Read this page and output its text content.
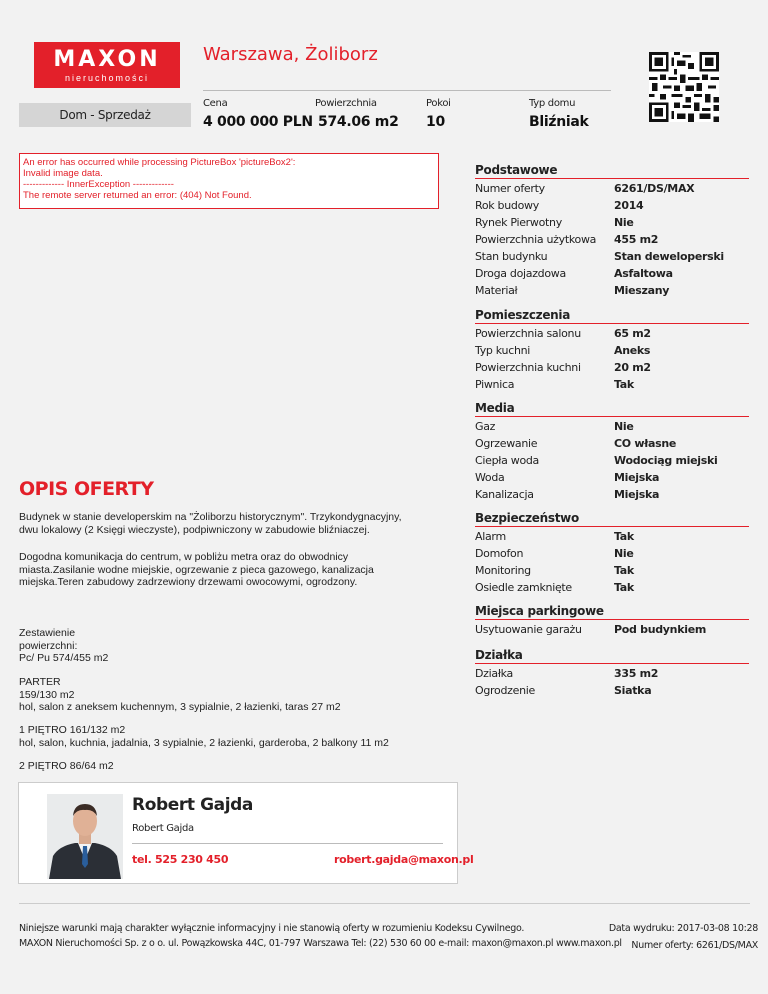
MAXON
nieruchomości
Warszawa, Żoliborz
Dom - Sprzedaż
Cena
4 000 000 PLN
Powierzchnia
574.06 m2
Pokoi
10
Typ domu
Bliźniak
An error has occurred while processing PictureBox 'pictureBox2':
Invalid image data.
------------- InnerException -------------
The remote server returned an error: (404) Not Found.
Podstawowe
Numer oferty	6261/DS/MAX
Rok budowy	2014
Rynek Pierwotny	Nie
Powierzchnia użytkowa 455 m2
Stan budynku	Stan deweloperski
Droga dojazdowa	Asfaltowa
Materiał	Mieszany
Pomieszczenia
Powierzchnia salonu	65 m2
Typ kuchni	Aneks
Powierzchnia kuchni	20 m2
Piwnica	Tak
Media
Gaz	Nie
Ogrzewanie	CO własne
Ciepła woda	Wodociąg miejski
Woda	Miejska
Kanalizacja	Miejska
Bezpieczeństwo
Alarm	Tak
Domofon	Nie
Monitoring	Tak
Osiedle zamknięte	Tak
Miejsca parkingowe
Usytuowanie garażu	Pod budynkiem
Działka
Działka	335 m2
Ogrodzenie	Siatka
OPIS OFERTY
Budynek w stanie developerskim na "Żoliborzu historycznym". Trzykondygnacyjny,
dwu lokalowy (2 Księgi wieczyste), podpiwniczony w zabudowie bliźniaczej.
Dogodna komunikacja do centrum, w pobliżu metra oraz do obwodnicy
miasta.Zasilanie wodne miejskie, ogrzewanie z pieca gazowego, kanalizacja
miejska.Teren zabudowy zadrzewiony drzewami owocowymi, ogrodzony.
Zestawienie
powierzchni:
Pc/ Pu 574/455 m2
PARTER
159/130 m2
hol, salon z aneksem kuchennym, 3 sypialnie, 2 łazienki, taras 27 m2
1 PIĘTRO 161/132 m2
hol, salon, kuchnia, jadalnia, 3 sypialnie, 2 łazienki, garderoba, 2 balkony 11 m2
2 PIĘTRO 86/64 m2
Robert Gajda
Robert Gajda
tel. 525 230 450	robert.gajda@maxon.pl
Niniejsze warunki mają charakter wyłącznie informacyjny i nie stanowią oferty w rozumieniu Kodeksu Cywilnego.
MAXON Nieruchomości Sp. z o o. ul. Powązkowska 44C, 01-797 Warszawa Tel: (22) 530 60 00 e-mail: maxon@maxon.pl www.maxon.pl
Data wydruku: 2017-03-08 10:28
Numer oferty: 6261/DS/MAX
